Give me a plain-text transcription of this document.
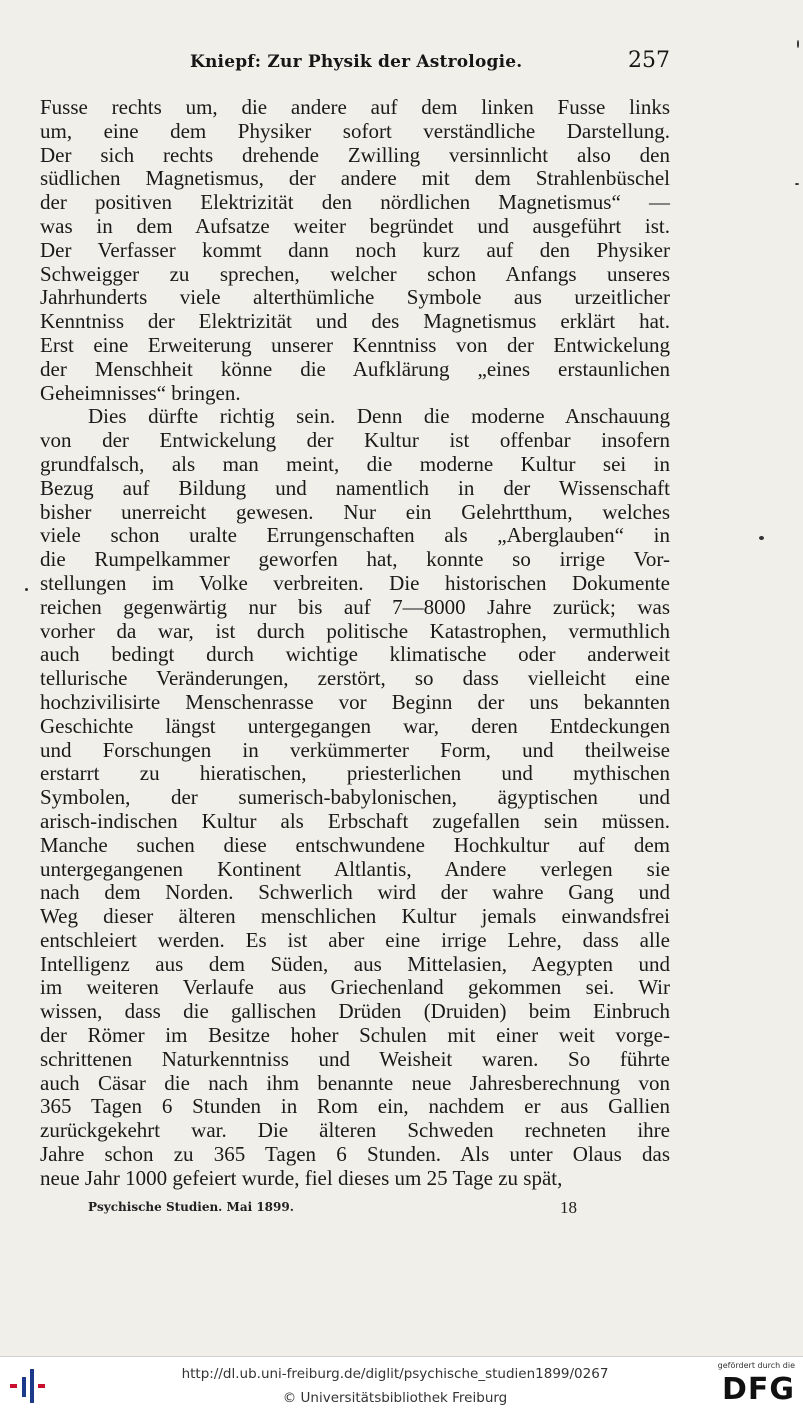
Kniepf: Zur Physik der Astrologie.	257
Fusse rechts um, die andere auf dem linken Fusse links
um, eine dem Physiker sofort verständliche Darstellung.
Der sich rechts drehende Zwilling versinnlicht also den
südlichen Magnetismus, der andere mit dem Strahlenbüschel
der positiven Elektrizität den nördlichen Magnetismus“ —
was in dem Aufsatze weiter begründet und ausgeführt ist.
Der Verfasser kommt dann noch kurz auf den Physiker
Schweigger zu sprechen, welcher schon Anfangs unseres
Jahrhunderts viele alterthümliche Symbole aus urzeitlicher
Kenntniss der Elektrizität und des Magnetismus erklärt hat.
Erst eine Erweiterung unserer Kenntniss von der Entwickelung
der Menschheit könne die Aufklärung „eines erstaunlichen
Geheimnisses“ bringen.
Dies dürfte richtig sein. Denn die moderne Anschauung
von der Entwickelung der Kultur ist offenbar insofern
grundfalsch, als man meint, die moderne Kultur sei in
Bezug auf Bildung und namentlich in der Wissenschaft
bisher unerreicht gewesen. Nur ein Gelehrtthum, welches
viele schon uralte Errungenschaften als „Aberglauben“ in
die Rumpelkammer geworfen hat, konnte so irrige Vor-
stellungen im Volke verbreiten. Die historischen Dokumente
reichen gegenwärtig nur bis auf 7—8000 Jahre zurück; was
vorher da war, ist durch politische Katastrophen, vermuthlich
auch bedingt durch wichtige klimatische oder anderweit
tellurische Veränderungen, zerstört, so dass vielleicht eine
hochzivilisirte Menschenrasse vor Beginn der uns bekannten
Geschichte längst untergegangen war, deren Entdeckungen
und Forschungen in verkümmerter Form, und theilweise
erstarrt zu hieratischen, priesterlichen und mythischen
Symbolen, der sumerisch-babylonischen, ägyptischen und
arisch-indischen Kultur als Erbschaft zugefallen sein müssen.
Manche suchen diese entschwundene Hochkultur auf dem
untergegangenen Kontinent Altlantis, Andere verlegen sie
nach dem Norden. Schwerlich wird der wahre Gang und
Weg dieser älteren menschlichen Kultur jemals einwandsfrei
entschleiert werden. Es ist aber eine irrige Lehre, dass alle
Intelligenz aus dem Süden, aus Mittelasien, Aegypten und
im weiteren Verlaufe aus Griechenland gekommen sei. Wir
wissen, dass die gallischen Drüden (Druiden) beim Einbruch
der Römer im Besitze hoher Schulen mit einer weit vorge-
schrittenen Naturkenntniss und Weisheit waren. So führte
auch Cäsar die nach ihm benannte neue Jahresberechnung von
365 Tagen 6 Stunden in Rom ein, nachdem er aus Gallien
zurückgekehrt war. Die älteren Schweden rechneten ihre
Jahre schon zu 365 Tagen 6 Stunden. Als unter Olaus das
neue Jahr 1000 gefeiert wurde, fiel dieses um 25 Tage zu spät,
Psychische Studien. Mai 1899.	18
http://dl.ub.uni-freiburg.de/diglit/psychische_studien1899/0267
© Universitätsbibliothek Freiburg
gefördert durch die
DFG
